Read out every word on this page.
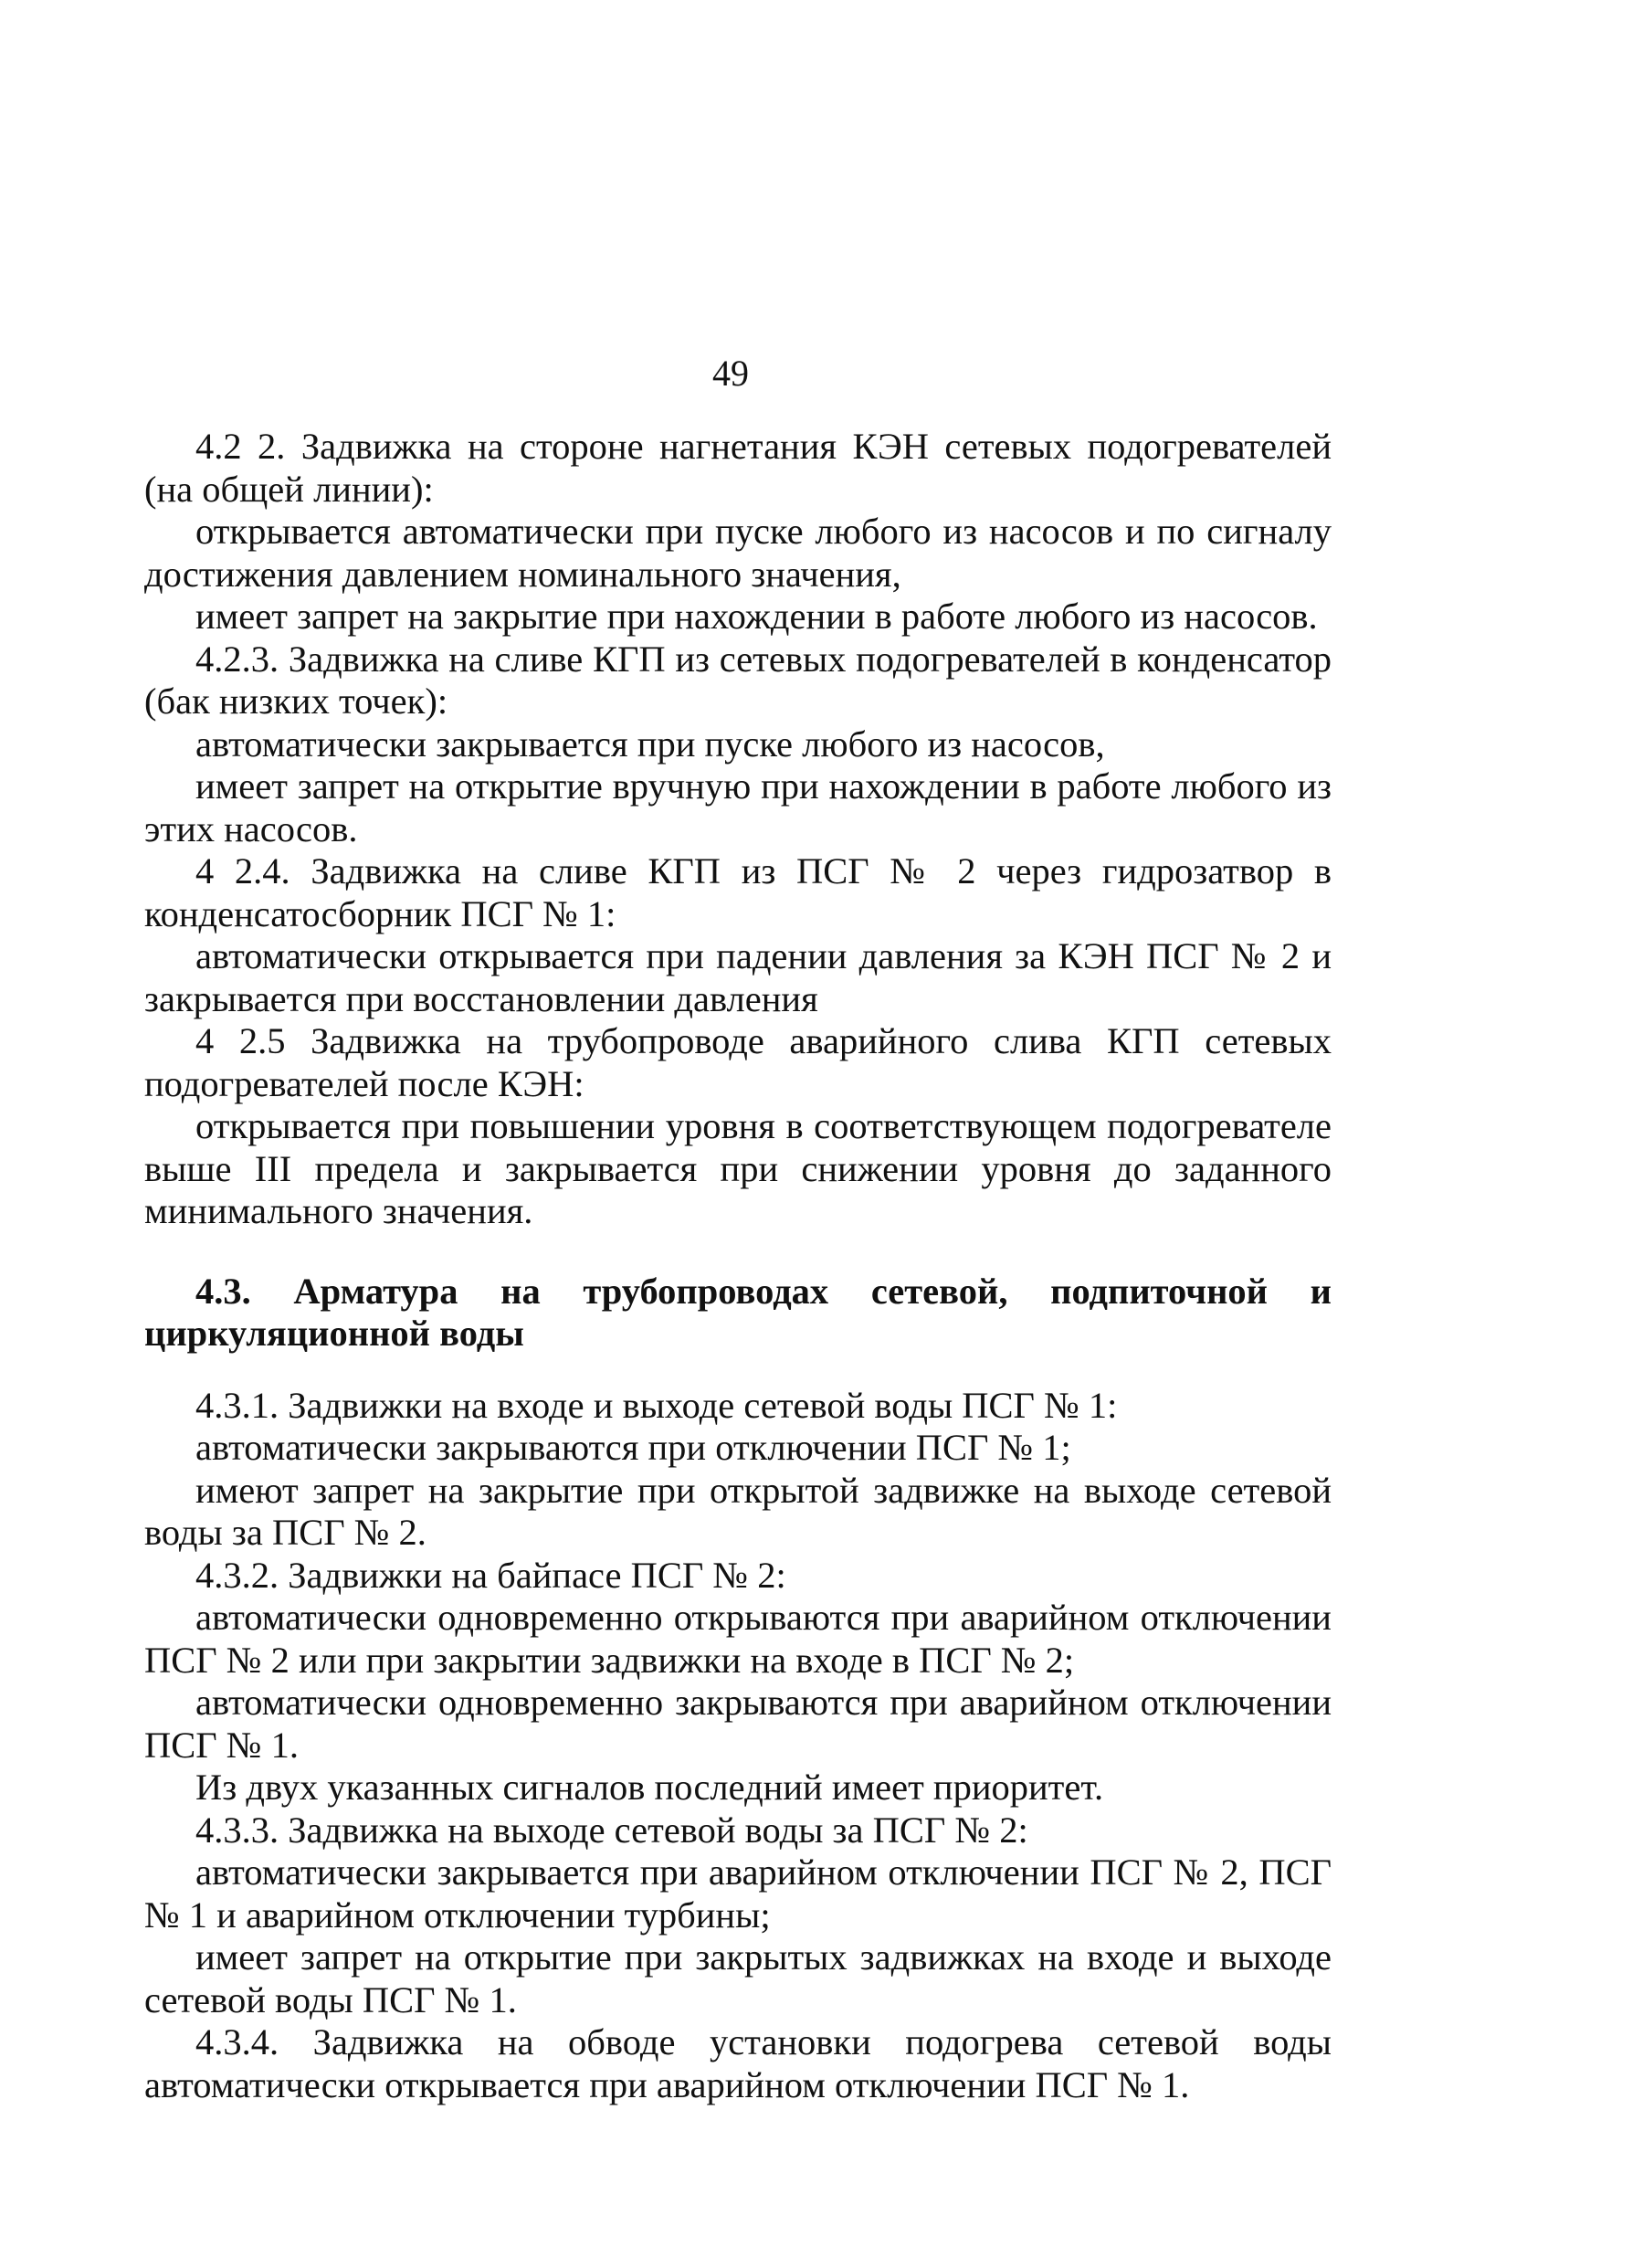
49

4.2 2. Задвижка на стороне нагнетания КЭН сетевых подогревателей (на общей линии):

открывается автоматически при пуске любого из насосов и по сигналу достижения давлением номинального значения,

имеет запрет на закрытие при нахождении в работе любого из насосов.

4.2.3. Задвижка на сливе КГП из сетевых подогревателей в конденсатор (бак низких точек):

автоматически закрывается при пуске любого из насосов,

имеет запрет на открытие вручную при нахождении в работе любого из этих насосов.

4 2.4. Задвижка на сливе КГП из ПСГ № 2 через гидрозатвор в конденсатосборник ПСГ № 1:

автоматически открывается при падении давления за КЭН ПСГ № 2 и закрывается при восстановлении давления

4 2.5 Задвижка на трубопроводе аварийного слива КГП сетевых подогревателей после КЭН:

открывается при повышении уровня в соответствующем подогревателе выше III предела и закрывается при снижении уровня до заданного минимального значения.

4.3. Арматура на трубопроводах сетевой, подпиточной и циркуляционной воды

4.3.1. Задвижки на входе и выходе сетевой воды ПСГ № 1:

автоматически закрываются при отключении ПСГ № 1;

имеют запрет на закрытие при открытой задвижке на выходе сетевой воды за ПСГ № 2.

4.3.2. Задвижки на байпасе ПСГ № 2:

автоматически одновременно открываются при аварийном отключении ПСГ № 2 или при закрытии задвижки на входе в ПСГ № 2;

автоматически одновременно закрываются при аварийном отключении ПСГ № 1.

Из двух указанных сигналов последний имеет приоритет.

4.3.3. Задвижка на выходе сетевой воды за ПСГ № 2:

автоматически закрывается при аварийном отключении ПСГ № 2, ПСГ № 1 и аварийном отключении турбины;

имеет запрет на открытие при закрытых задвижках на входе и выходе сетевой воды ПСГ № 1.

4.3.4. Задвижка на обводе установки подогрева сетевой воды автоматически открывается при аварийном отключении ПСГ № 1.
